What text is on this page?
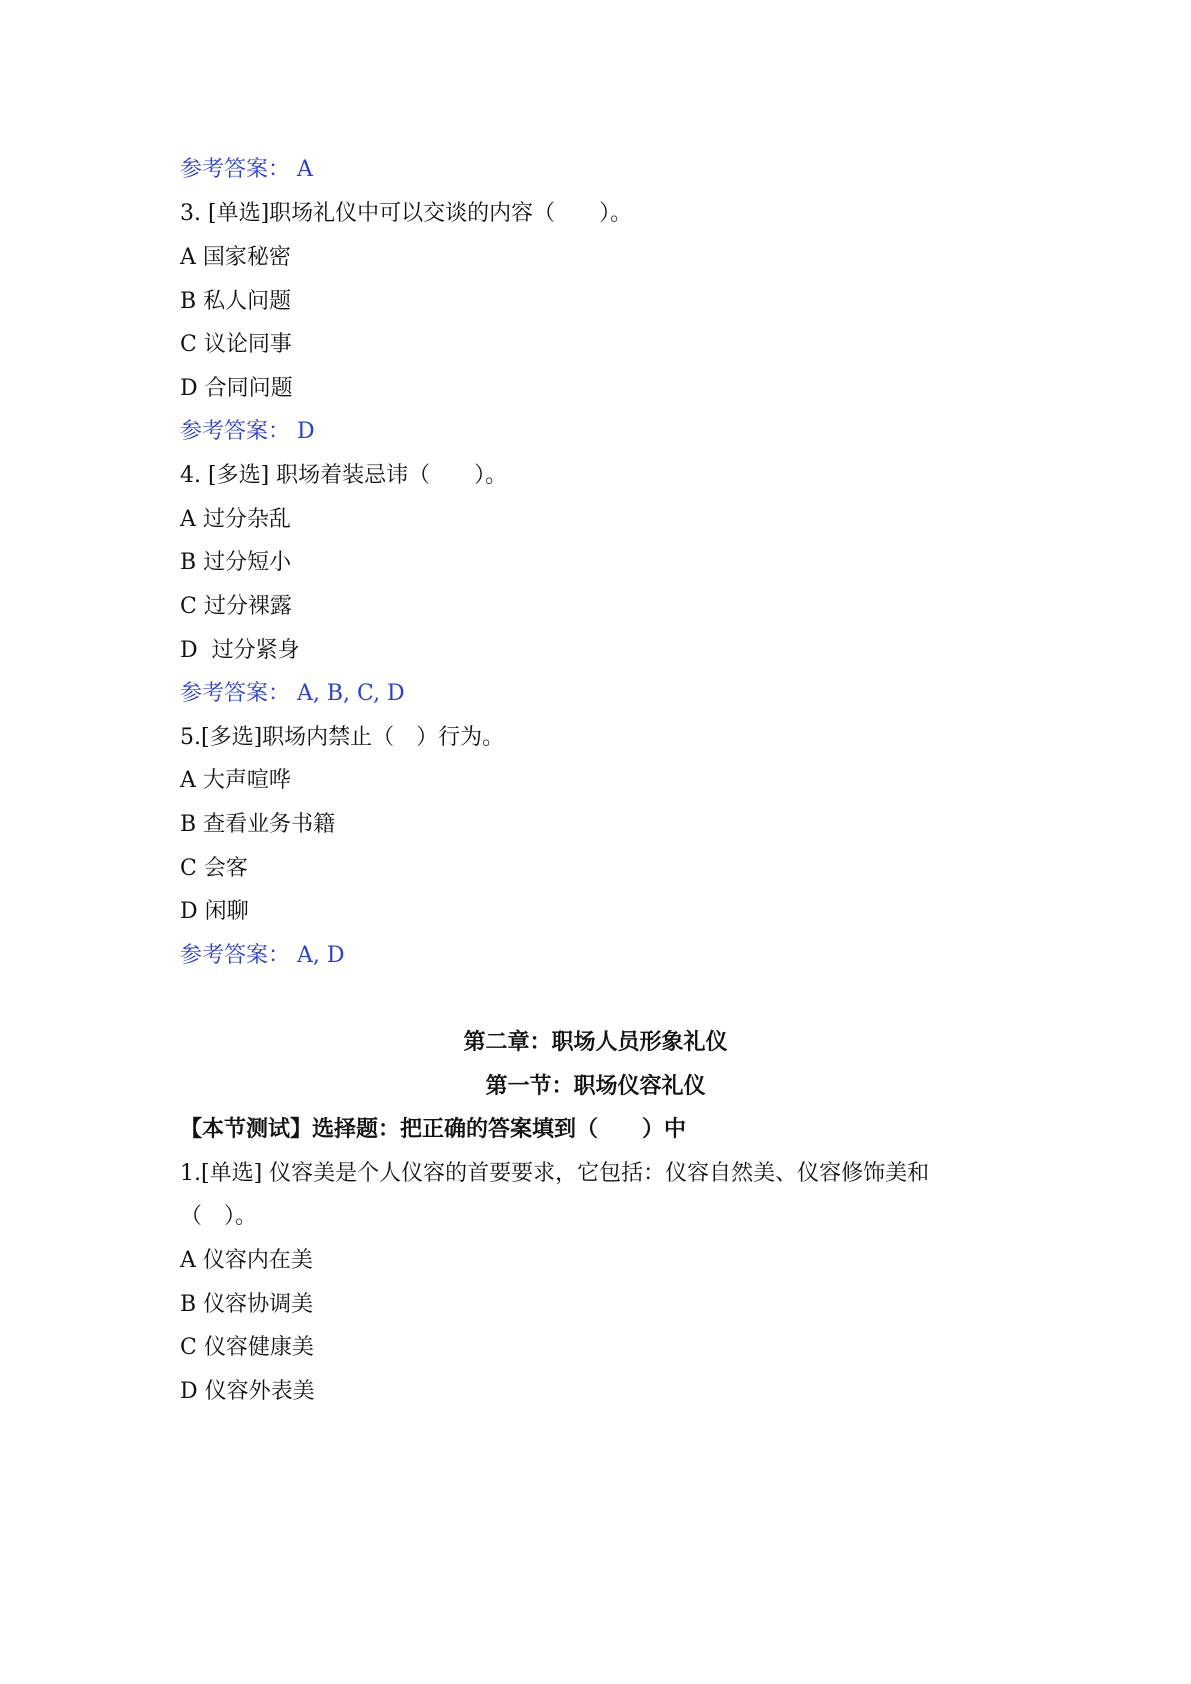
参考答案： A
3. [单选]职场礼仪中可以交谈的内容（　　）。
A 国家秘密
B 私人问题
C 议论同事
D 合同问题
参考答案： D
4. [多选] 职场着装忌讳（　　）。
A 过分杂乱
B 过分短小
C 过分裸露
D  过分紧身
参考答案： A, B, C, D
5.[多选]职场内禁止（　）行为。
A 大声喧哗
B 查看业务书籍
C 会客
D 闲聊
参考答案： A, D
第二章：职场人员形象礼仪
第一节：职场仪容礼仪
【本节测试】选择题：把正确的答案填到（　　）中
1.[单选] 仪容美是个人仪容的首要要求，它包括：仪容自然美、仪容修饰美和
（　）。
A 仪容内在美
B 仪容协调美
C 仪容健康美
D 仪容外表美
